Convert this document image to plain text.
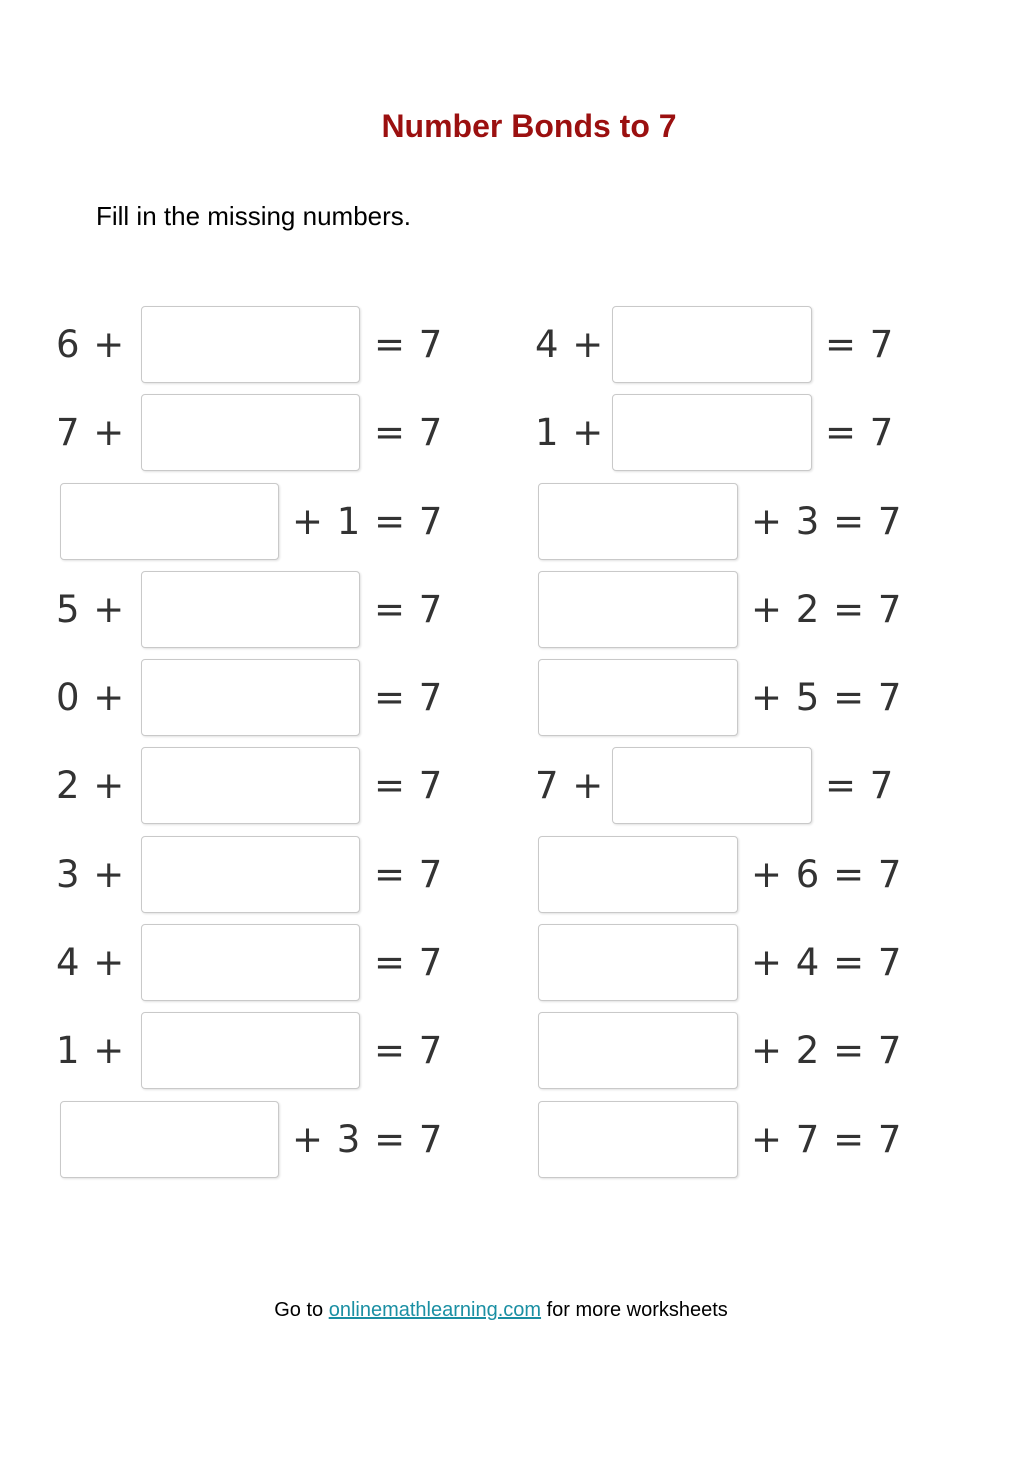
Number Bonds to 7

Fill in the missing numbers.

6 +	= 7
7 +	= 7
+ 1 = 7
5 +	= 7
0 +	= 7
2 +	= 7
3 +	= 7
4 +	= 7
1 +	= 7
+ 3 = 7
4 +	= 7
1 +	= 7
+ 3 = 7
+ 2 = 7
+ 5 = 7
7 +	= 7
+ 6 = 7
+ 4 = 7
+ 2 = 7
+ 7 = 7

Go to onlinemathlearning.com for more worksheets
